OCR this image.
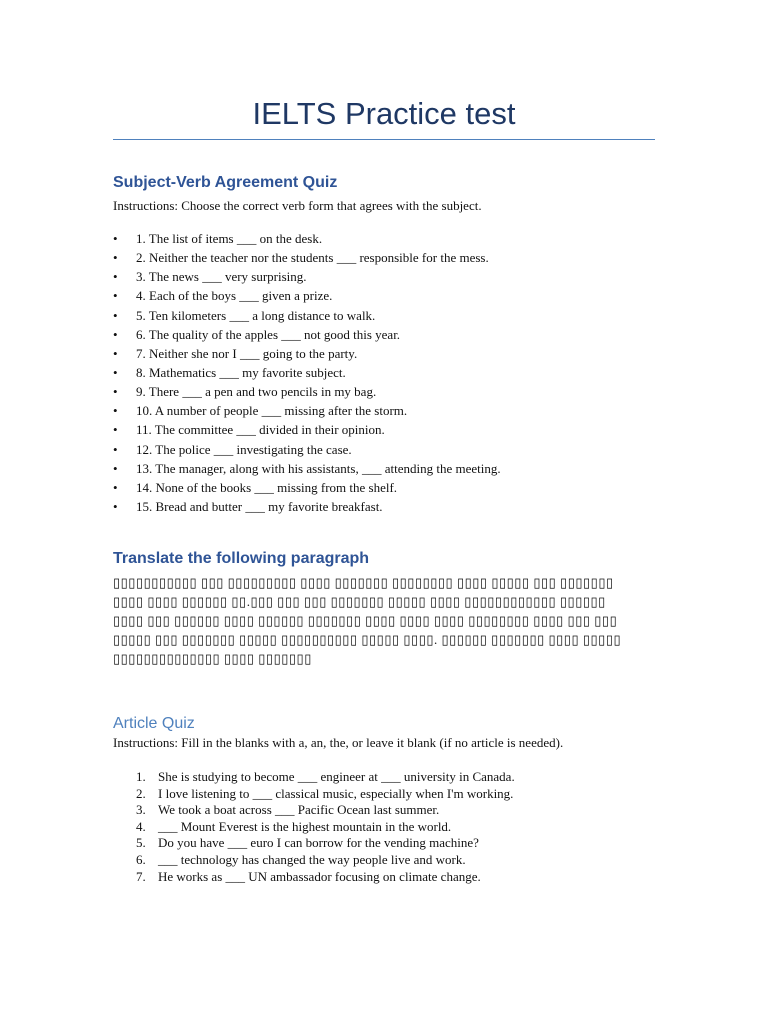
IELTS Practice test
Subject-Verb Agreement Quiz

Instructions: Choose the correct verb form that agrees with the subject.

• 1. The list of items ___ on the desk.
• 2. Neither the teacher nor the students ___ responsible for the mess.
• 3. The news ___ very surprising.
• 4. Each of the boys ___ given a prize.
• 5. Ten kilometers ___ a long distance to walk.
• 6. The quality of the apples ___ not good this year.
• 7. Neither she nor I ___ going to the party.
• 8. Mathematics ___ my favorite subject.
• 9. There ___ a pen and two pencils in my bag.
• 10. A number of people ___ missing after the storm.
• 11. The committee ___ divided in their opinion.
• 12. The police ___ investigating the case.
• 13. The manager, along with his assistants, ___ attending the meeting.
• 14. None of the books ___ missing from the shelf.
• 15. Bread and butter ___ my favorite breakfast.
Translate the following paragraph

▯▯▯▯▯▯▯▯▯▯▯ ▯▯▯ ▯▯▯▯▯▯▯▯▯ ▯▯▯▯ ▯▯▯▯▯▯▯ ▯▯▯▯▯▯▯▯ ▯▯▯▯ ▯▯▯▯▯ ▯▯▯ ▯▯▯▯▯▯▯ ▯▯▯▯ ▯▯▯▯ ▯▯▯▯▯▯ ▯▯.▯▯▯ ▯▯▯ ▯▯▯ ▯▯▯▯▯▯▯ ▯▯▯▯▯ ▯▯▯▯ ▯▯▯▯▯▯▯▯▯▯▯▯ ▯▯▯▯▯▯ ▯▯▯▯ ▯▯▯ ▯▯▯▯▯▯ ▯▯▯▯ ▯▯▯▯▯▯ ▯▯▯▯▯▯▯ ▯▯▯▯ ▯▯▯▯ ▯▯▯▯ ▯▯▯▯▯▯▯▯ ▯▯▯▯ ▯▯▯ ▯▯▯ ▯▯▯▯▯ ▯▯▯ ▯▯▯▯▯▯▯ ▯▯▯▯▯ ▯▯▯▯▯▯▯▯▯▯ ▯▯▯▯▯ ▯▯▯▯. ▯▯▯▯▯▯ ▯▯▯▯▯▯▯ ▯▯▯▯ ▯▯▯▯▯ ▯▯▯▯▯▯▯▯▯▯▯▯▯▯ ▯▯▯▯ ▯▯▯▯▯▯▯

Article Quiz

Instructions: Fill in the blanks with a, an, the, or leave it blank (if no article is needed).

1. She is studying to become ___ engineer at ___ university in Canada.
2. I love listening to ___ classical music, especially when I'm working.
3. We took a boat across ___ Pacific Ocean last summer.
4. ___ Mount Everest is the highest mountain in the world.
5. Do you have ___ euro I can borrow for the vending machine?
6. ___ technology has changed the way people live and work.
7. He works as ___ UN ambassador focusing on climate change.
